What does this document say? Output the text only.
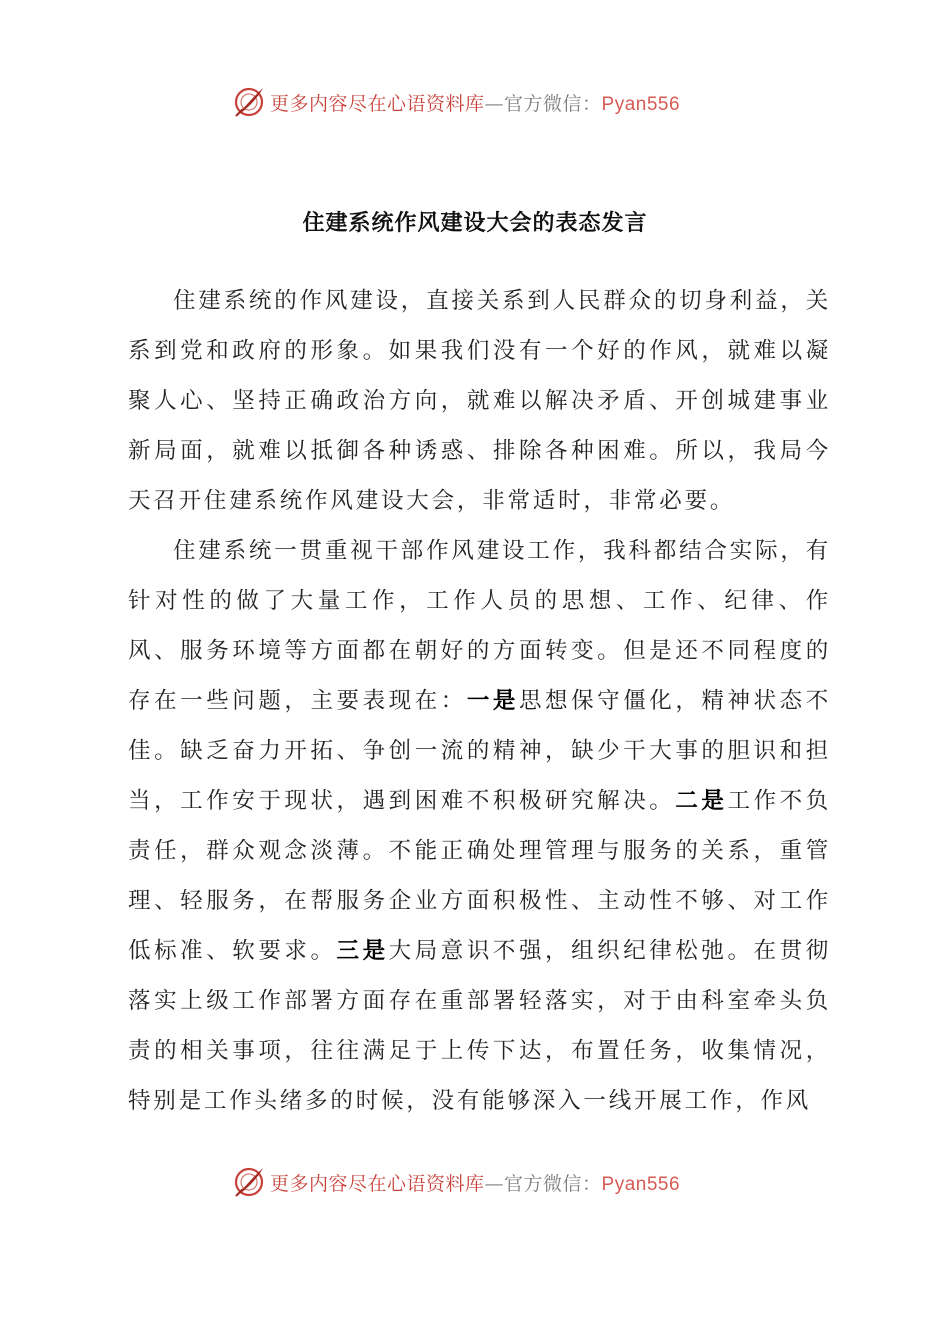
更多内容尽在心语资料库—官方微信：Pyan556
住建系统作风建设大会的表态发言

住建系统的作风建设，直接关系到人民群众的切身利益，关系到党和政府的形象。如果我们没有一个好的作风，就难以凝聚人心、坚持正确政治方向，就难以解决矛盾、开创城建事业新局面，就难以抵御各种诱惑、排除各种困难。所以，我局今天召开住建系统作风建设大会，非常适时，非常必要。

住建系统一贯重视干部作风建设工作，我科都结合实际，有针对性的做了大量工作，工作人员的思想、工作、纪律、作风、服务环境等方面都在朝好的方面转变。但是还不同程度的存在一些问题，主要表现在：一是思想保守僵化，精神状态不佳。缺乏奋力开拓、争创一流的精神，缺少干大事的胆识和担当，工作安于现状，遇到困难不积极研究解决。二是工作不负责任，群众观念淡薄。不能正确处理管理与服务的关系，重管理、轻服务，在帮服务企业方面积极性、主动性不够、对工作低标准、软要求。三是大局意识不强，组织纪律松弛。在贯彻落实上级工作部署方面存在重部署轻落实，对于由科室牵头负责的相关事项，往往满足于上传下达，布置任务，收集情况，特别是工作头绪多的时候，没有能够深入一线开展工作，作风

更多内容尽在心语资料库—官方微信：Pyan556
